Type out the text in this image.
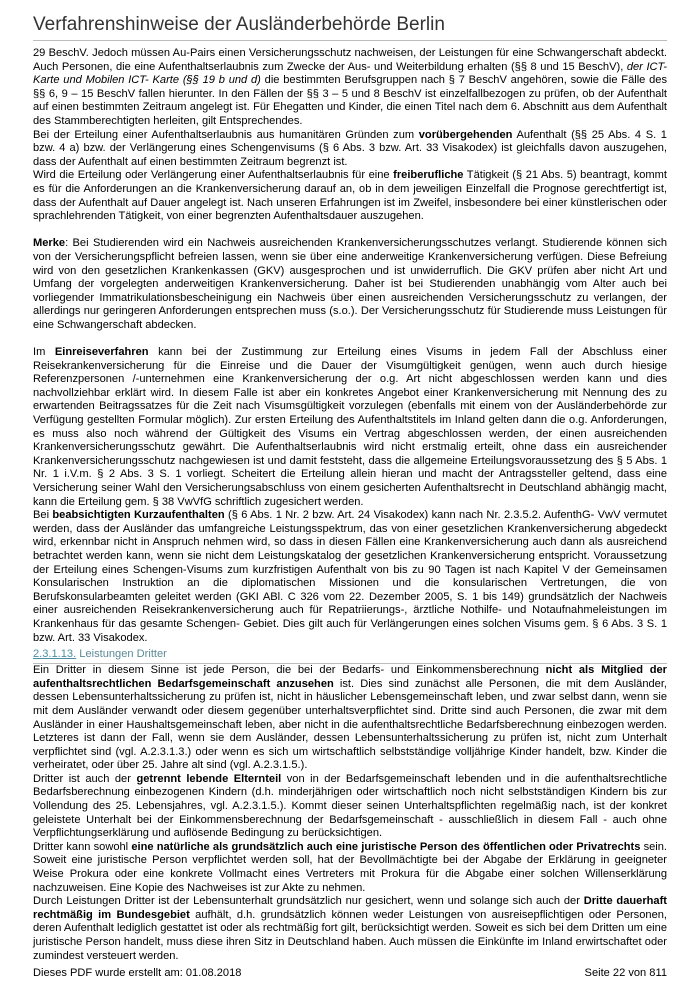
Verfahrenshinweise der Ausländerbehörde Berlin

29 BeschV. Jedoch müssen Au-Pairs einen Versicherungsschutz nachweisen, der Leistungen für eine Schwangerschaft abdeckt. Auch Personen, die eine Aufenthaltserlaubnis zum Zwecke der Aus- und Weiterbildung erhalten (§§ 8 und 15 BeschV), der ICT- Karte und Mobilen ICT- Karte (§§ 19 b und d) die bestimmten Berufsgruppen nach § 7 BeschV angehören, sowie die Fälle des §§ 6, 9 – 15 BeschV fallen hierunter. In den Fällen der §§ 3 – 5 und 8 BeschV ist einzelfallbezogen zu prüfen, ob der Aufenthalt auf einen bestimmten Zeitraum angelegt ist. Für Ehegatten und Kinder, die einen Titel nach dem 6. Abschnitt aus dem Aufenthalt des Stammberechtigten herleiten, gilt Entsprechendes.

Bei der Erteilung einer Aufenthaltserlaubnis aus humanitären Gründen zum vorübergehenden Aufenthalt (§§ 25 Abs. 4 S. 1 bzw. 4 a) bzw. der Verlängerung eines Schengenvisums (§ 6 Abs. 3 bzw. Art. 33 Visakodex) ist gleichfalls davon auszugehen, dass der Aufenthalt auf einen bestimmten Zeitraum begrenzt ist.

Wird die Erteilung oder Verlängerung einer Aufenthaltserlaubnis für eine freiberufliche Tätigkeit (§ 21 Abs. 5) beantragt, kommt es für die Anforderungen an die Krankenversicherung darauf an, ob in dem jeweiligen Einzelfall die Prognose gerechtfertigt ist, dass der Aufenthalt auf Dauer angelegt ist. Nach unseren Erfahrungen ist im Zweifel, insbesondere bei einer künstlerischen oder sprachlehrenden Tätigkeit, von einer begrenzten Aufenthaltsdauer auszugehen.

Merke: Bei Studierenden wird ein Nachweis ausreichenden Krankenversicherungsschutzes verlangt. Studierende können sich von der Versicherungspflicht befreien lassen, wenn sie über eine anderweitige Krankenversicherung verfügen. Diese Befreiung wird von den gesetzlichen Krankenkassen (GKV) ausgesprochen und ist unwiderruflich. Die GKV prüfen aber nicht Art und Umfang der vorgelegten anderweitigen Krankenversicherung. Daher ist bei Studierenden unabhängig vom Alter auch bei vorliegender Immatrikulationsbescheinigung ein Nachweis über einen ausreichenden Versicherungsschutz zu verlangen, der allerdings nur geringeren Anforderungen entsprechen muss (s.o.). Der Versicherungsschutz für Studierende muss Leistungen für eine Schwangerschaft abdecken.

Im Einreiseverfahren kann bei der Zustimmung zur Erteilung eines Visums in jedem Fall der Abschluss einer Reisekrankenversicherung für die Einreise und die Dauer der Visumgültigkeit genügen, wenn auch durch hiesige Referenzpersonen /-unternehmen eine Krankenversicherung der o.g. Art nicht abgeschlossen werden kann und dies nachvollziehbar erklärt wird. In diesem Falle ist aber ein konkretes Angebot einer Krankenversicherung mit Nennung des zu erwartenden Beitragssatzes für die Zeit nach Visumsgültigkeit vorzulegen (ebenfalls mit einem von der Ausländerbehörde zur Verfügung gestellten Formular möglich). Zur ersten Erteilung des Aufenthaltstitels im Inland gelten dann die o.g. Anforderungen, es muss also noch während der Gültigkeit des Visums ein Vertrag abgeschlossen werden, der einen ausreichenden Krankenversicherungsschutz gewährt. Die Aufenthaltserlaubnis wird nicht erstmalig erteilt, ohne dass ein ausreichender Krankenversicherungsschutz nachgewiesen ist und damit feststeht, dass die allgemeine Erteilungsvoraussetzung des § 5 Abs. 1 Nr. 1 i.V.m. § 2 Abs. 3 S. 1 vorliegt. Scheitert die Erteilung allein hieran und macht der Antragssteller geltend, dass eine Versicherung seiner Wahl den Versicherungsabschluss von einem gesicherten Aufenthaltsrecht in Deutschland abhängig macht, kann die Erteilung gem. § 38 VwVfG schriftlich zugesichert werden.

Bei beabsichtigten Kurzaufenthalten (§ 6 Abs. 1 Nr. 2 bzw. Art. 24 Visakodex) kann nach Nr. 2.3.5.2. AufenthG- VwV vermutet werden, dass der Ausländer das umfangreiche Leistungsspektrum, das von einer gesetzlichen Krankenversicherung abgedeckt wird, erkennbar nicht in Anspruch nehmen wird, so dass in diesen Fällen eine Krankenversicherung auch dann als ausreichend betrachtet werden kann, wenn sie nicht dem Leistungskatalog der gesetzlichen Krankenversicherung entspricht. Voraussetzung der Erteilung eines Schengen-Visums zum kurzfristigen Aufenthalt von bis zu 90 Tagen ist nach Kapitel V der Gemeinsamen Konsularischen Instruktion an die diplomatischen Missionen und die konsularischen Vertretungen, die von Berufskonsularbeamten geleitet werden (GKI ABl. C 326 vom 22. Dezember 2005, S. 1 bis 149) grundsätzlich der Nachweis einer ausreichenden Reisekrankenversicherung auch für Repatriierungs-, ärztliche Nothilfe- und Notaufnahmeleistungen im Krankenhaus für das gesamte Schengen- Gebiet. Dies gilt auch für Verlängerungen eines solchen Visums gem. § 6 Abs. 3 S. 1 bzw. Art. 33 Visakodex.

2.3.1.13. Leistungen Dritter

Ein Dritter in diesem Sinne ist jede Person, die bei der Bedarfs- und Einkommensberechnung nicht als Mitglied der aufenthaltsrechtlichen Bedarfsgemeinschaft anzusehen ist. Dies sind zunächst alle Personen, die mit dem Ausländer, dessen Lebensunterhaltssicherung zu prüfen ist, nicht in häuslicher Lebensgemeinschaft leben, und zwar selbst dann, wenn sie mit dem Ausländer verwandt oder diesem gegenüber unterhaltsverpflichtet sind. Dritte sind auch Personen, die zwar mit dem Ausländer in einer Haushaltsgemeinschaft leben, aber nicht in die aufenthaltsrechtliche Bedarfsberechnung einbezogen werden. Letzteres ist dann der Fall, wenn sie dem Ausländer, dessen Lebensunterhaltssicherung zu prüfen ist, nicht zum Unterhalt verpflichtet sind (vgl. A.2.3.1.3.) oder wenn es sich um wirtschaftlich selbstständige volljährige Kinder handelt, bzw. Kinder die verheiratet, oder über 25. Jahre alt sind (vgl. A.2.3.1.5.).

Dritter ist auch der getrennt lebende Elternteil von in der Bedarfsgemeinschaft lebenden und in die aufenthaltsrechtliche Bedarfsberechnung einbezogenen Kindern (d.h. minderjährigen oder wirtschaftlich noch nicht selbstständigen Kindern bis zur Vollendung des 25. Lebensjahres, vgl. A.2.3.1.5.). Kommt dieser seinen Unterhaltspflichten regelmäßig nach, ist der konkret geleistete Unterhalt bei der Einkommensberechnung der Bedarfsgemeinschaft - ausschließlich in diesem Fall - auch ohne Verpflichtungserklärung und auflösende Bedingung zu berücksichtigen.

Dritter kann sowohl eine natürliche als grundsätzlich auch eine juristische Person des öffentlichen oder Privatrechts sein. Soweit eine juristische Person verpflichtet werden soll, hat der Bevollmächtigte bei der Abgabe der Erklärung in geeigneter Weise Prokura oder eine konkrete Vollmacht eines Vertreters mit Prokura für die Abgabe einer solchen Willenserklärung nachzuweisen. Eine Kopie des Nachweises ist zur Akte zu nehmen.

Durch Leistungen Dritter ist der Lebensunterhalt grundsätzlich nur gesichert, wenn und solange sich auch der Dritte dauerhaft rechtmäßig im Bundesgebiet aufhält, d.h. grundsätzlich können weder Leistungen von ausreisepflichtigen oder Personen, deren Aufenthalt lediglich gestattet ist oder als rechtmäßig fort gilt, berücksichtigt werden. Soweit es sich bei dem Dritten um eine juristische Person handelt, muss diese ihren Sitz in Deutschland haben. Auch müssen die Einkünfte im Inland erwirtschaftet oder zumindest versteuert werden.

Dieses PDF wurde erstellt am: 01.08.2018	Seite 22 von 811
